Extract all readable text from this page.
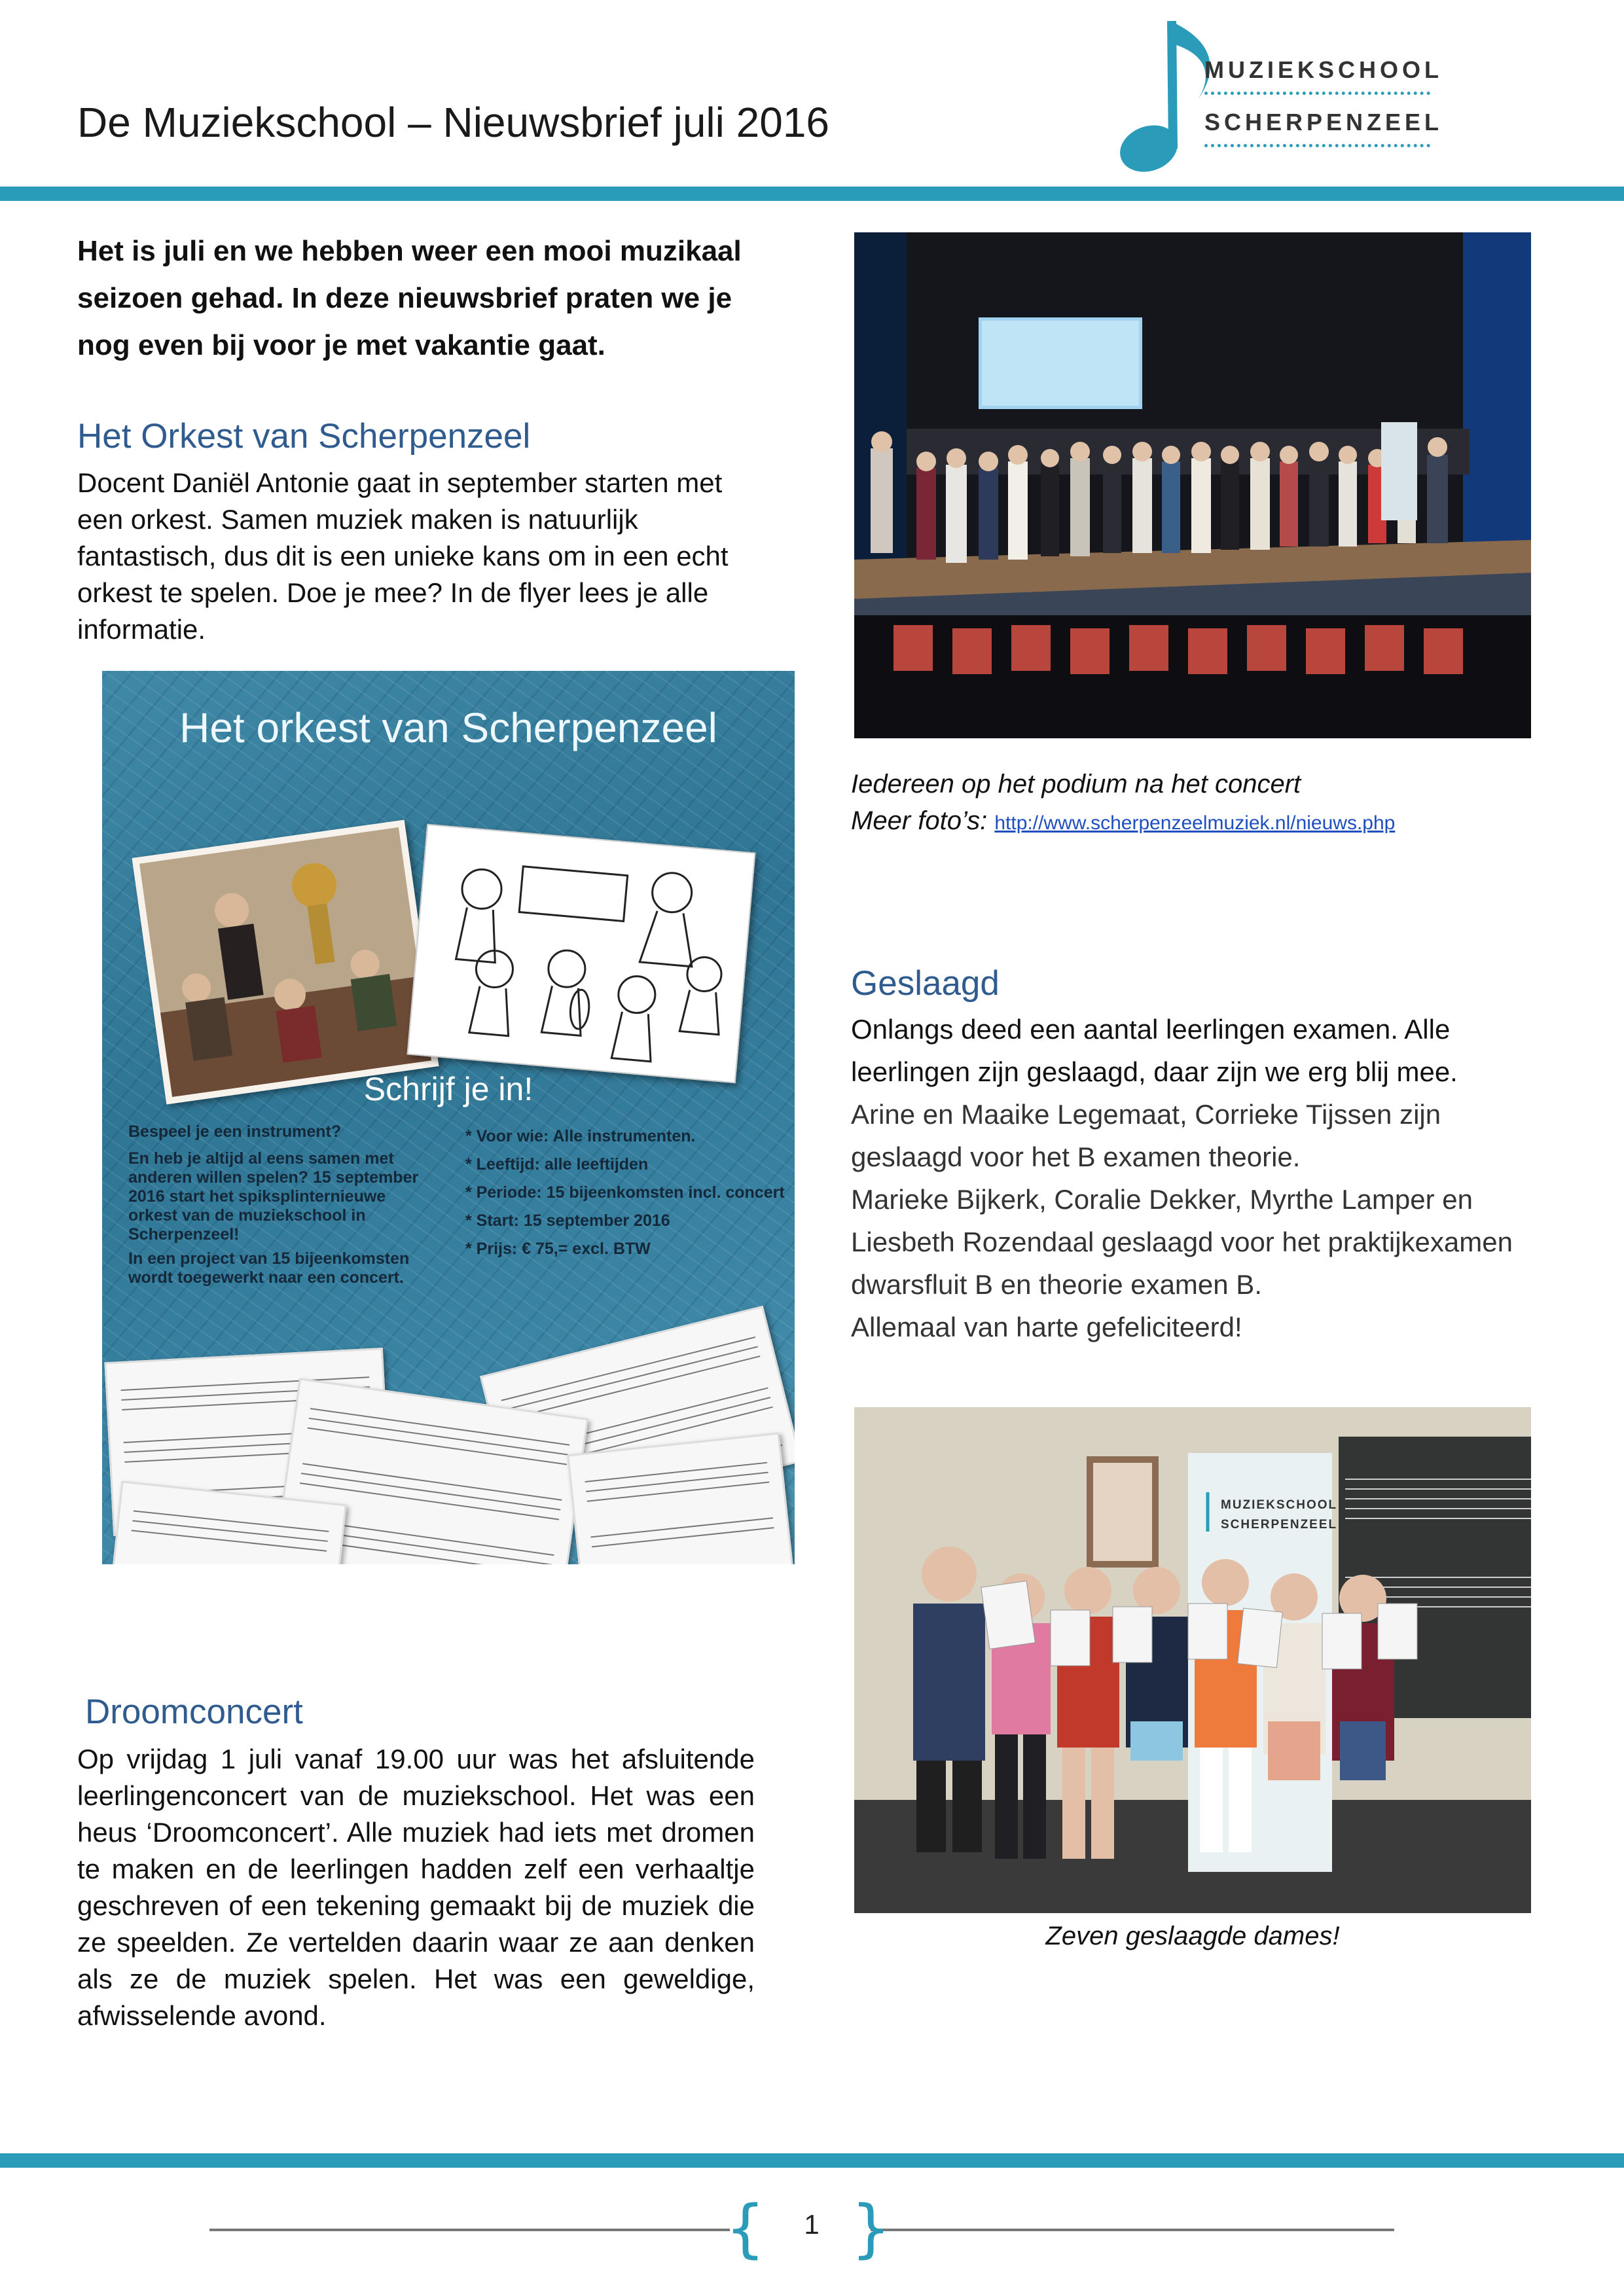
De Muziekschool – Nieuwsbrief juli 2016
MUZIEKSCHOOL
SCHERPENZEEL
Het is juli en we hebben weer een mooi muzikaal seizoen gehad. In deze nieuwsbrief praten we je nog even bij voor je met vakantie gaat.
Het Orkest van Scherpenzeel
Docent Daniël Antonie gaat in september starten met een orkest. Samen muziek maken is natuurlijk fantastisch, dus dit is een unieke kans om in een echt orkest te spelen. Doe je mee? In de flyer lees je alle informatie.
Het orkest van Scherpenzeel
Schrijf je in!
Bespeel je een instrument?
En heb je altijd al eens samen met
anderen willen spelen? 15 september
2016 start het spiksplinternieuwe
orkest van de muziekschool in
Scherpenzeel!
In een project van 15 bijeenkomsten
wordt toegewerkt naar een concert.
* Voor wie: Alle instrumenten.
* Leeftijd: alle leeftijden
* Periode: 15 bijeenkomsten incl. concert
* Start: 15 september 2016
* Prijs: € 75,= excl. BTW
Droomconcert
Op vrijdag 1 juli vanaf 19.00 uur was het afsluitende leerlingenconcert van de muziekschool. Het was een heus ‘Droomconcert’. Alle muziek had iets met dromen te maken en de leerlingen hadden zelf een verhaaltje geschreven of een tekening gemaakt bij de muziek die ze speelden. Ze vertelden daarin waar ze aan denken als ze de muziek spelen. Het was een geweldige, afwisselende avond.
Iedereen op het podium na het concert
Meer foto’s: http://www.scherpenzeelmuziek.nl/nieuws.php
Geslaagd
Onlangs deed een aantal leerlingen examen. Alle
leerlingen zijn geslaagd, daar zijn we erg blij mee.
Arine en Maaike Legemaat, Corrieke Tijssen zijn
geslaagd voor het B examen theorie.
Marieke Bijkerk, Coralie Dekker, Myrthe Lamper en
Liesbeth Rozendaal geslaagd voor het praktijkexamen
dwarsfluit B en theorie examen B.
Allemaal van harte gefeliciteerd!
MUZIEKSCHOOL
SCHERPENZEEL
Zeven geslaagde dames!
{ }
1
